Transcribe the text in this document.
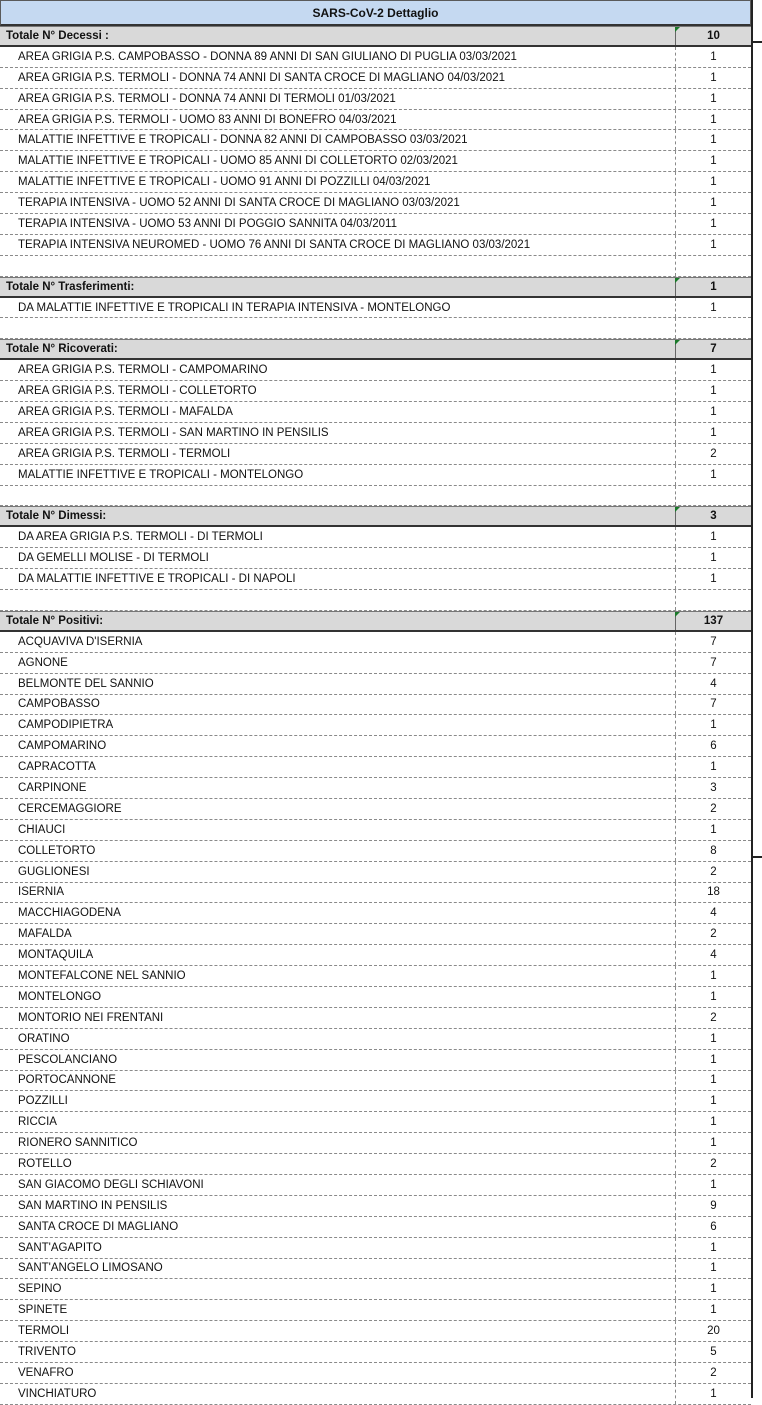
SARS-CoV-2 Dettaglio
Totale N° Decessi :	10
AREA GRIGIA P.S. CAMPOBASSO - DONNA 89 ANNI DI SAN GIULIANO DI PUGLIA 03/03/2021	1
AREA GRIGIA P.S. TERMOLI - DONNA 74 ANNI DI SANTA CROCE DI MAGLIANO 04/03/2021	1
AREA GRIGIA P.S. TERMOLI - DONNA 74 ANNI DI TERMOLI 01/03/2021	1
AREA GRIGIA P.S. TERMOLI - UOMO 83 ANNI DI BONEFRO 04/03/2021	1
MALATTIE INFETTIVE E TROPICALI - DONNA 82 ANNI DI CAMPOBASSO 03/03/2021	1
MALATTIE INFETTIVE E TROPICALI - UOMO 85 ANNI DI COLLETORTO 02/03/2021	1
MALATTIE INFETTIVE E TROPICALI - UOMO 91 ANNI DI POZZILLI 04/03/2021	1
TERAPIA INTENSIVA - UOMO 52 ANNI DI SANTA CROCE DI MAGLIANO 03/03/2021	1
TERAPIA INTENSIVA - UOMO 53 ANNI DI POGGIO SANNITA 04/03/2011	1
TERAPIA INTENSIVA NEUROMED - UOMO 76 ANNI DI SANTA CROCE DI MAGLIANO 03/03/2021	1
Totale N° Trasferimenti:	1
DA MALATTIE INFETTIVE E TROPICALI IN TERAPIA INTENSIVA - MONTELONGO	1
Totale N° Ricoverati:	7
AREA GRIGIA P.S. TERMOLI - CAMPOMARINO	1
AREA GRIGIA P.S. TERMOLI - COLLETORTO	1
AREA GRIGIA P.S. TERMOLI - MAFALDA	1
AREA GRIGIA P.S. TERMOLI - SAN MARTINO IN PENSILIS	1
AREA GRIGIA P.S. TERMOLI - TERMOLI	2
MALATTIE INFETTIVE E TROPICALI - MONTELONGO	1
Totale N° Dimessi:	3
DA AREA GRIGIA P.S. TERMOLI - DI TERMOLI	1
DA GEMELLI MOLISE - DI TERMOLI	1
DA MALATTIE INFETTIVE E TROPICALI - DI NAPOLI	1
Totale N° Positivi:	137
ACQUAVIVA D'ISERNIA	7
AGNONE	7
BELMONTE DEL SANNIO	4
CAMPOBASSO	7
CAMPODIPIETRA	1
CAMPOMARINO	6
CAPRACOTTA	1
CARPINONE	3
CERCEMAGGIORE	2
CHIAUCI	1
COLLETORTO	8
GUGLIONESI	2
ISERNIA	18
MACCHIAGODENA	4
MAFALDA	2
MONTAQUILA	4
MONTEFALCONE NEL SANNIO	1
MONTELONGO	1
MONTORIO NEI FRENTANI	2
ORATINO	1
PESCOLANCIANO	1
PORTOCANNONE	1
POZZILLI	1
RICCIA	1
RIONERO SANNITICO	1
ROTELLO	2
SAN GIACOMO DEGLI SCHIAVONI	1
SAN MARTINO IN PENSILIS	9
SANTA CROCE DI MAGLIANO	6
SANT'AGAPITO	1
SANT'ANGELO LIMOSANO	1
SEPINO	1
SPINETE	1
TERMOLI	20
TRIVENTO	5
VENAFRO	2
VINCHIATURO	1
